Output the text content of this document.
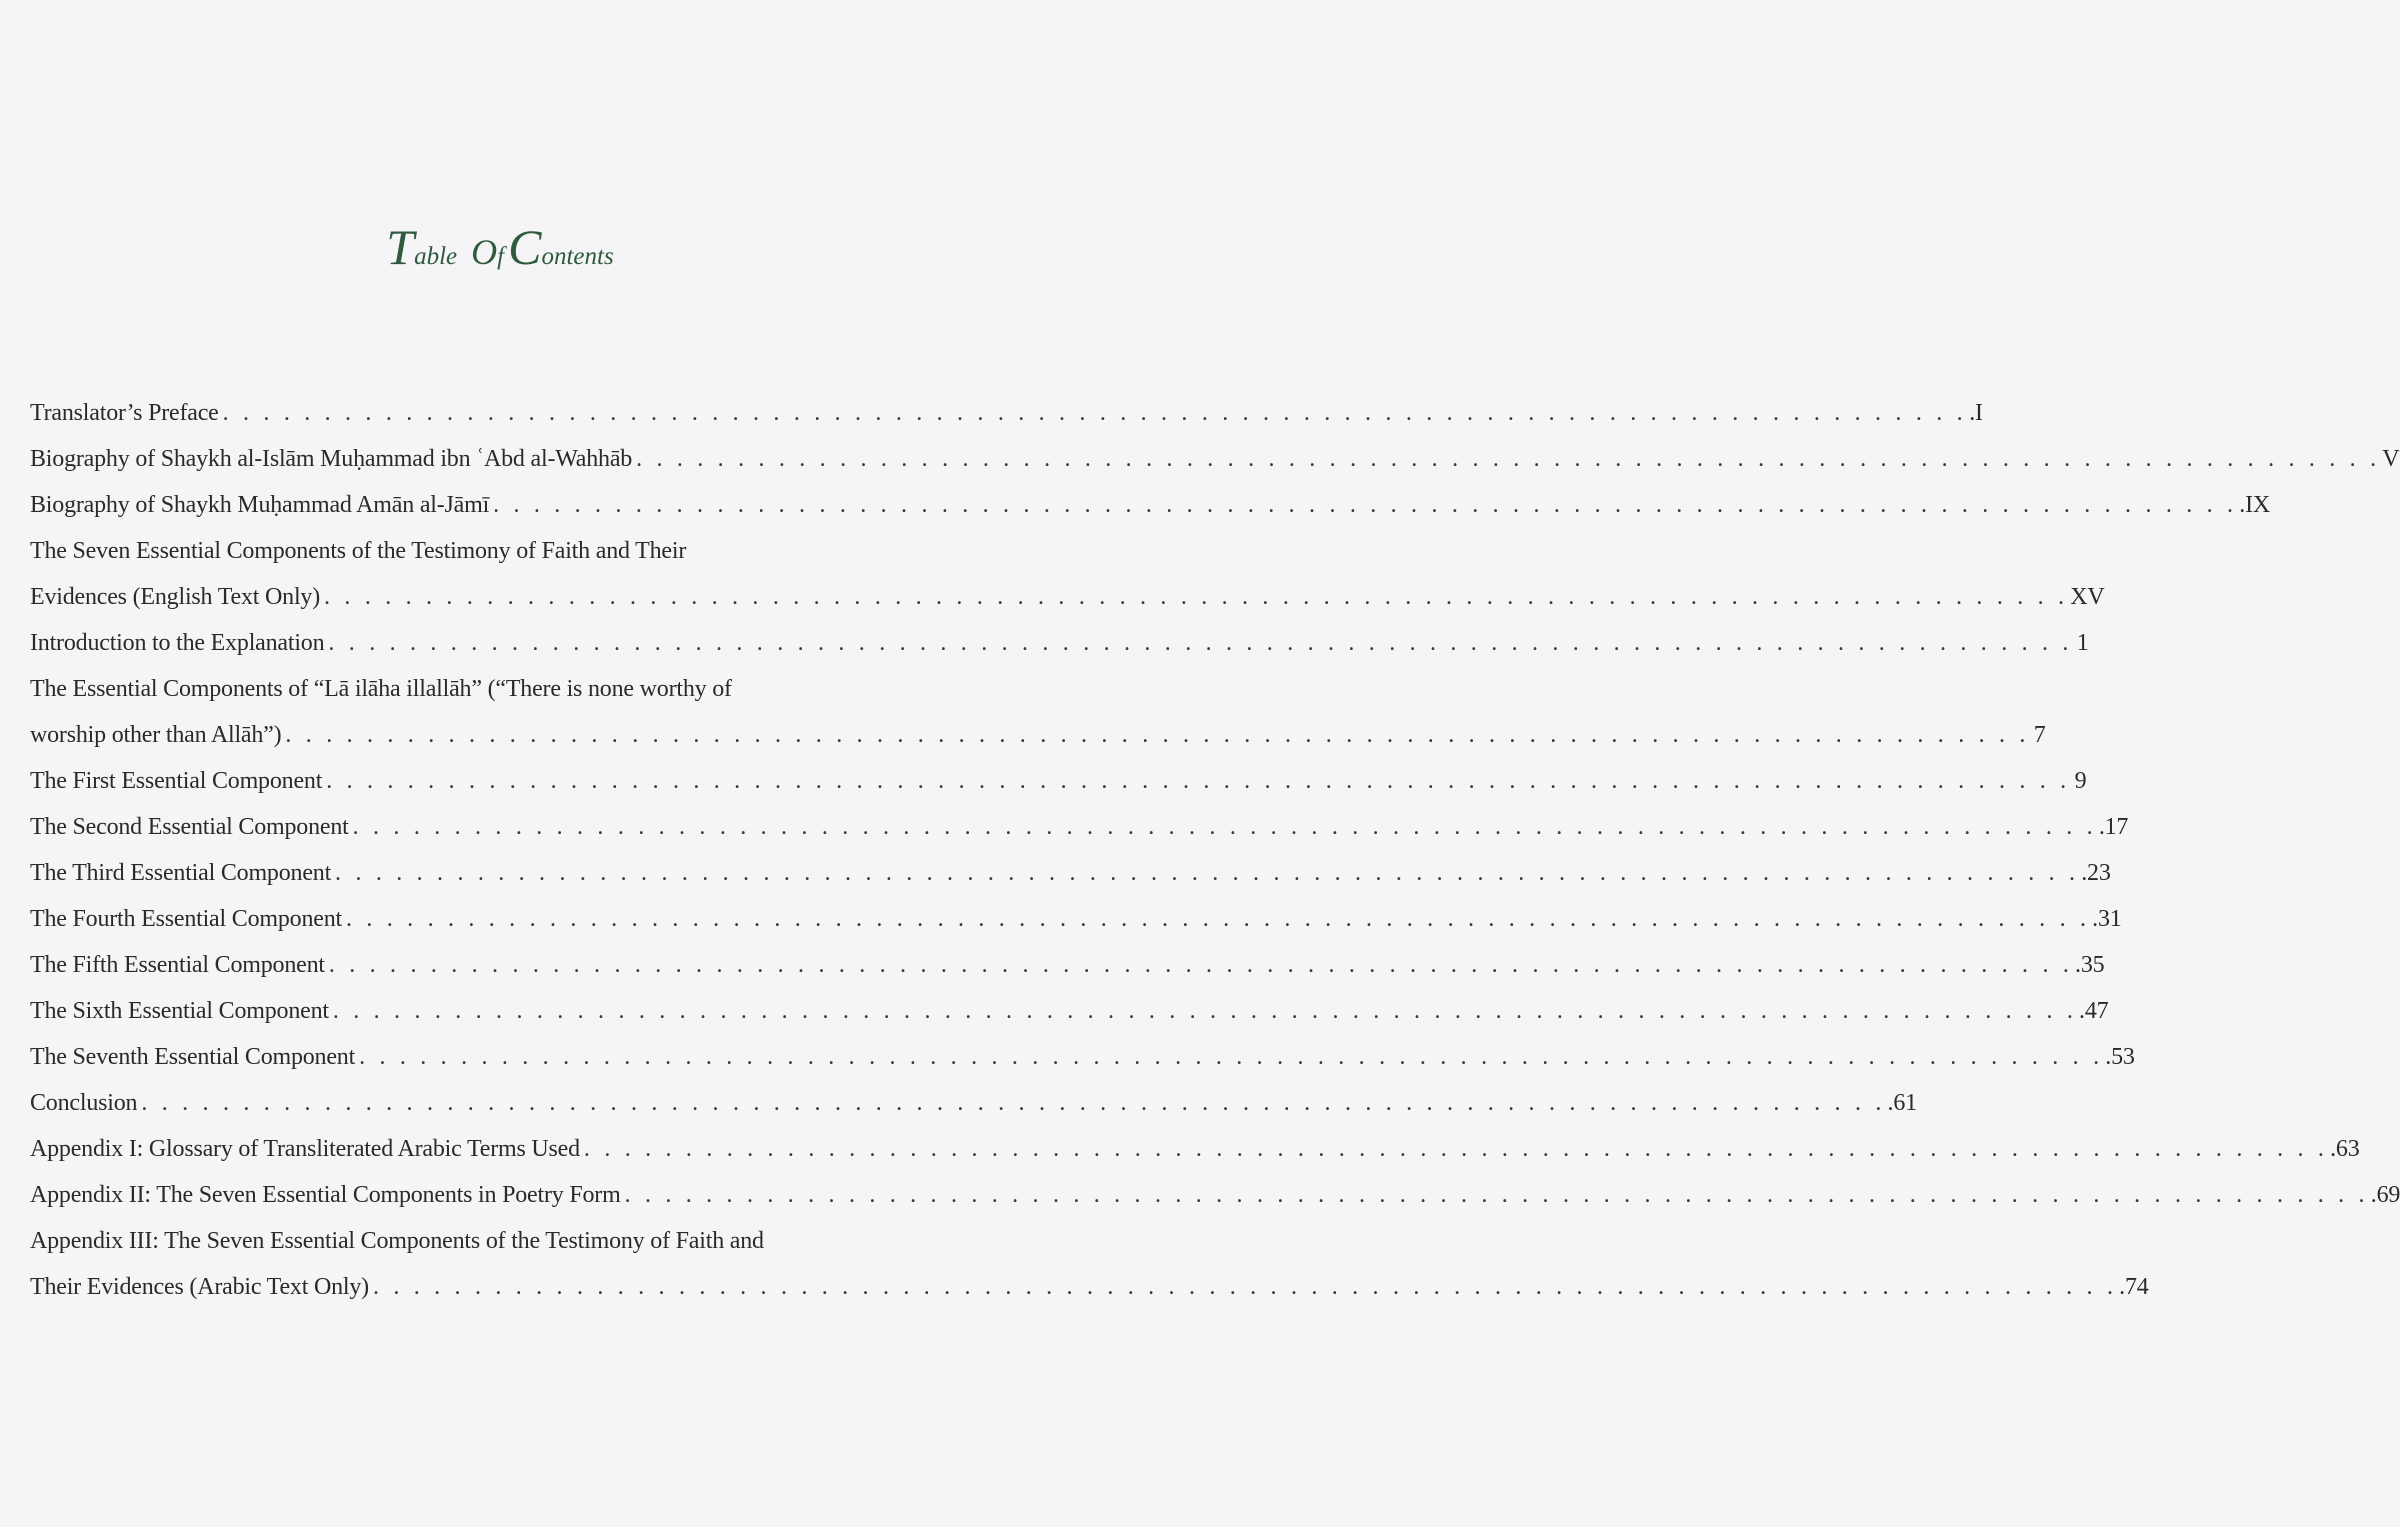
Table OfContents
Translator’s Preface . . . . . . . . . . . . . . . . . . . . . . . . . . . . . . . . . . . . . . . . . . . . . . . . . . . . . . . . . . . . . . . . . . . . . . . . . . . . . . . . . . . . . . .I
Biography of Shaykh al-Islām Muḥammad ibn ʿAbd al-Wahhāb . . . . . . . . . . . . . . . . . . . . . . . . . . . . . . . . . . . . . . . . . . . . . . . . . . . . . . . . . . . . . . . . . . . . . . . . . . . . . . . . . . . . . . V
Biography of Shaykh Muḥammad Amān al-Jāmī . . . . . . . . . . . . . . . . . . . . . . . . . . . . . . . . . . . . . . . . . . . . . . . . . . . . . . . . . . . . . . . . . . . . . . . . . . . . . . . . . . . . . . .IX
The Seven Essential Components of the Testimony of Faith and Their
Evidences (English Text Only) . . . . . . . . . . . . . . . . . . . . . . . . . . . . . . . . . . . . . . . . . . . . . . . . . . . . . . . . . . . . . . . . . . . . . . . . . . . . . . . . . . . . . . XV
Introduction to the Explanation . . . . . . . . . . . . . . . . . . . . . . . . . . . . . . . . . . . . . . . . . . . . . . . . . . . . . . . . . . . . . . . . . . . . . . . . . . . . . . . . . . . . . . 1
The Essential Components of “Lā ilāha illallāh” (“There is none worthy of
worship other than Allāh”) . . . . . . . . . . . . . . . . . . . . . . . . . . . . . . . . . . . . . . . . . . . . . . . . . . . . . . . . . . . . . . . . . . . . . . . . . . . . . . . . . . . . . . 7
The First Essential Component . . . . . . . . . . . . . . . . . . . . . . . . . . . . . . . . . . . . . . . . . . . . . . . . . . . . . . . . . . . . . . . . . . . . . . . . . . . . . . . . . . . . . . 9
The Second Essential Component . . . . . . . . . . . . . . . . . . . . . . . . . . . . . . . . . . . . . . . . . . . . . . . . . . . . . . . . . . . . . . . . . . . . . . . . . . . . . . . . . . . . . . .17
The Third Essential Component . . . . . . . . . . . . . . . . . . . . . . . . . . . . . . . . . . . . . . . . . . . . . . . . . . . . . . . . . . . . . . . . . . . . . . . . . . . . . . . . . . . . . . .23
The Fourth Essential Component . . . . . . . . . . . . . . . . . . . . . . . . . . . . . . . . . . . . . . . . . . . . . . . . . . . . . . . . . . . . . . . . . . . . . . . . . . . . . . . . . . . . . . .31
The Fifth Essential Component . . . . . . . . . . . . . . . . . . . . . . . . . . . . . . . . . . . . . . . . . . . . . . . . . . . . . . . . . . . . . . . . . . . . . . . . . . . . . . . . . . . . . . .35
The Sixth Essential Component . . . . . . . . . . . . . . . . . . . . . . . . . . . . . . . . . . . . . . . . . . . . . . . . . . . . . . . . . . . . . . . . . . . . . . . . . . . . . . . . . . . . . . .47
The Seventh Essential Component . . . . . . . . . . . . . . . . . . . . . . . . . . . . . . . . . . . . . . . . . . . . . . . . . . . . . . . . . . . . . . . . . . . . . . . . . . . . . . . . . . . . . . .53
Conclusion . . . . . . . . . . . . . . . . . . . . . . . . . . . . . . . . . . . . . . . . . . . . . . . . . . . . . . . . . . . . . . . . . . . . . . . . . . . . . . . . . . . . . . .61
Appendix I: Glossary of Transliterated Arabic Terms Used . . . . . . . . . . . . . . . . . . . . . . . . . . . . . . . . . . . . . . . . . . . . . . . . . . . . . . . . . . . . . . . . . . . . . . . . . . . . . . . . . . . . . . .63
Appendix II: The Seven Essential Components in Poetry Form . . . . . . . . . . . . . . . . . . . . . . . . . . . . . . . . . . . . . . . . . . . . . . . . . . . . . . . . . . . . . . . . . . . . . . . . . . . . . . . . . . . . . . .69
Appendix III: The Seven Essential Components of the Testimony of Faith and
Their Evidences (Arabic Text Only) . . . . . . . . . . . . . . . . . . . . . . . . . . . . . . . . . . . . . . . . . . . . . . . . . . . . . . . . . . . . . . . . . . . . . . . . . . . . . . . . . . . . . . .74
